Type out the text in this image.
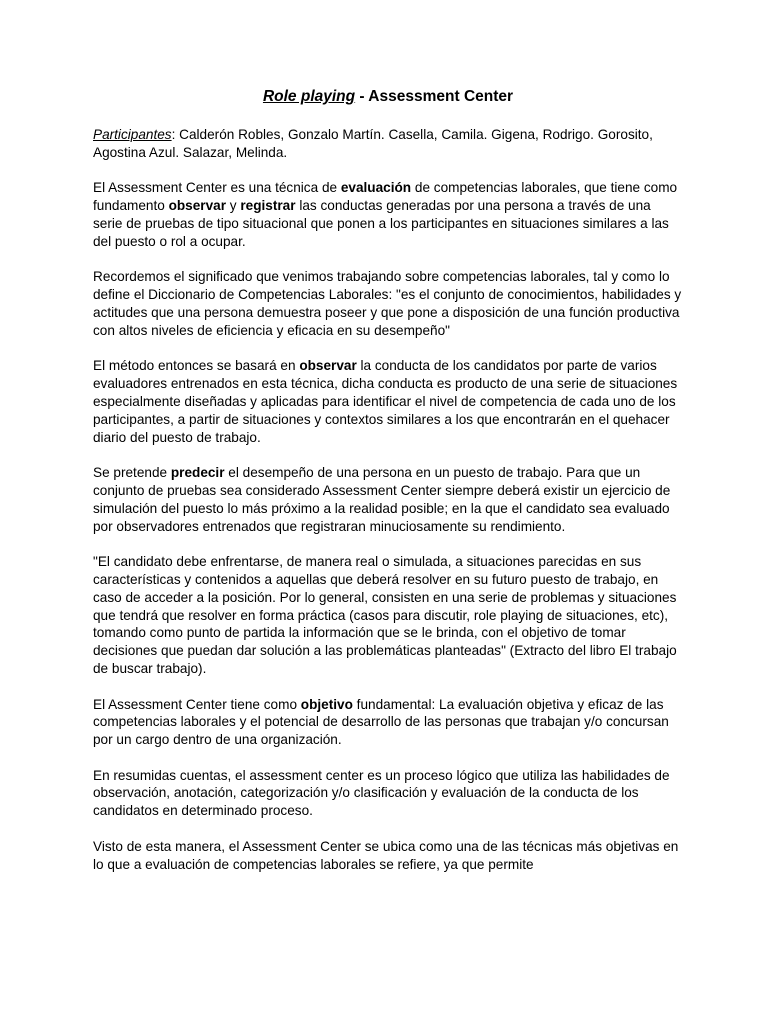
Role playing - Assessment Center

Participantes: Calderón Robles, Gonzalo Martín. Casella, Camila. Gigena, Rodrigo. Gorosito, Agostina Azul. Salazar, Melinda.

El Assessment Center es una técnica de evaluación de competencias laborales, que tiene como fundamento observar y registrar las conductas generadas por una persona a través de una serie de pruebas de tipo situacional que ponen a los participantes en situaciones similares a las del puesto o rol a ocupar.

Recordemos el significado que venimos trabajando sobre competencias laborales, tal y como lo define el Diccionario de Competencias Laborales: "es el conjunto de conocimientos, habilidades y actitudes que una persona demuestra poseer y que pone a disposición de una función productiva con altos niveles de eficiencia y eficacia en su desempeño"

El método entonces se basará en observar la conducta de los candidatos por parte de varios evaluadores entrenados en esta técnica, dicha conducta es producto de una serie de situaciones especialmente diseñadas y aplicadas para identificar el nivel de competencia de cada uno de los participantes, a partir de situaciones y contextos similares a los que encontrarán en el quehacer diario del puesto de trabajo.

Se pretende predecir el desempeño de una persona en un puesto de trabajo. Para que un conjunto de pruebas sea considerado Assessment Center siempre deberá existir un ejercicio de simulación del puesto lo más próximo a la realidad posible; en la que el candidato sea evaluado por observadores entrenados que registraran minuciosamente su rendimiento.

"El candidato debe enfrentarse, de manera real o simulada, a situaciones parecidas en sus características y contenidos a aquellas que deberá resolver en su futuro puesto de trabajo, en caso de acceder a la posición. Por lo general, consisten en una serie de problemas y situaciones que tendrá que resolver en forma práctica (casos para discutir, role playing de situaciones, etc), tomando como punto de partida la información que se le brinda, con el objetivo de tomar decisiones que puedan dar solución a las problemáticas planteadas" (Extracto del libro El trabajo de buscar trabajo).

El Assessment Center tiene como objetivo fundamental: La evaluación objetiva y eficaz de las competencias laborales y el potencial de desarrollo de las personas que trabajan y/o concursan por un cargo dentro de una organización.

En resumidas cuentas, el assessment center es un proceso lógico que utiliza las habilidades de observación, anotación, categorización y/o clasificación y evaluación de la conducta de los candidatos en determinado proceso.

Visto de esta manera, el Assessment Center se ubica como una de las técnicas más objetivas en lo que a evaluación de competencias laborales se refiere, ya que permite
